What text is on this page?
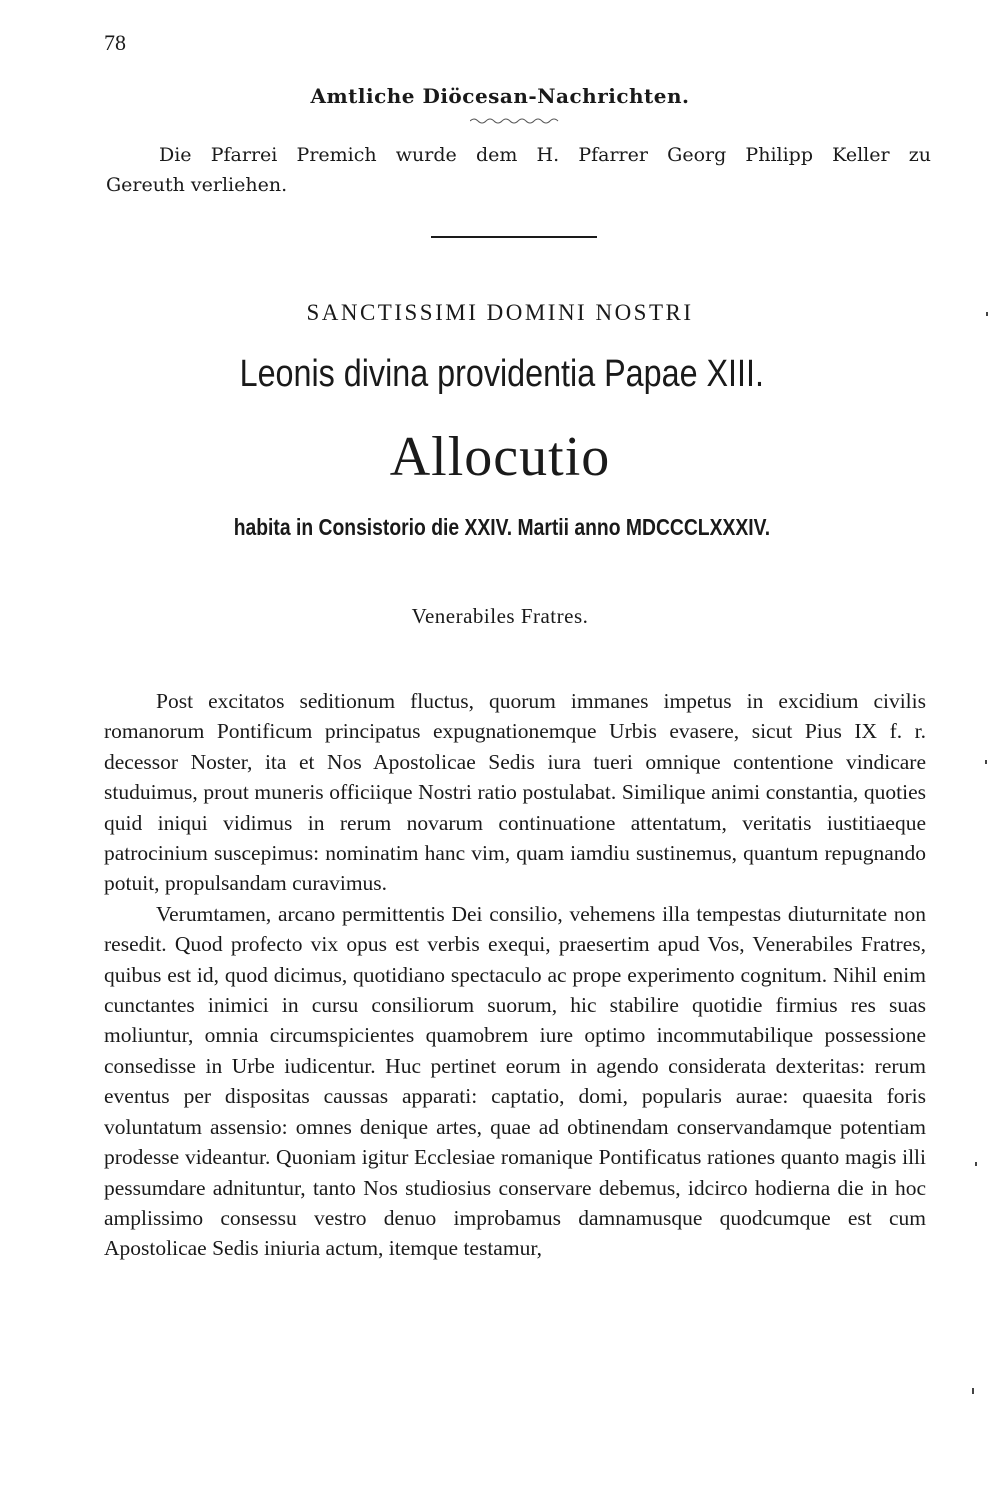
78
Amtliche Diöcesan-Nachrichten.
Die Pfarrei Premich wurde dem H. Pfarrer Georg Philipp Keller zu
Gereuth verliehen.
SANCTISSIMI DOMINI NOSTRI
Leonis divina providentia Papae XIII.
Allocutio
habita in Consistorio die XXIV. Martii anno MDCCCLXXXIV.
Venerabiles Fratres.

Post excitatos seditionum fluctus, quorum immanes impetus in excidium civilis romanorum Pontificum principatus expugnationemque Urbis evasere, sicut Pius IX f. r. decessor Noster, ita et Nos Apostolicae Sedis iura tueri omnique contentione vindicare studuimus, prout muneris officiique Nostri ratio postulabat. Similique animi constantia, quoties quid iniqui vidimus in rerum novarum continuatione attentatum, veritatis iustitiaeque patrocinium suscepimus: nominatim hanc vim, quam iamdiu sustinemus, quantum repugnando potuit, propulsandam curavimus.

Verumtamen, arcano permittentis Dei consilio, vehemens illa tempestas diuturnitate non resedit. Quod profecto vix opus est verbis exequi, praesertim apud Vos, Venerabiles Fratres, quibus est id, quod dicimus, quotidiano spectaculo ac prope experimento cognitum. Nihil enim cunctantes inimici in cursu consiliorum suorum, hic stabilire quotidie firmius res suas moliuntur, omnia circumspicientes quamobrem iure optimo incommutabilique possessione consedisse in Urbe iudicentur. Huc pertinet eorum in agendo considerata dexteritas: rerum eventus per dispositas caussas apparati: captatio, domi, popularis aurae: quaesita foris voluntatum assensio: omnes denique artes, quae ad obtinendam conservandamque potentiam prodesse videantur. Quoniam igitur Ecclesiae romanique Pontificatus rationes quanto magis illi pessumdare adnituntur, tanto Nos studiosius conservare debemus, idcirco hodierna die in hoc amplissimo consessu vestro denuo improbamus damnamusque quodcumque est cum Apostolicae Sedis iniuria actum, itemque testamur,
